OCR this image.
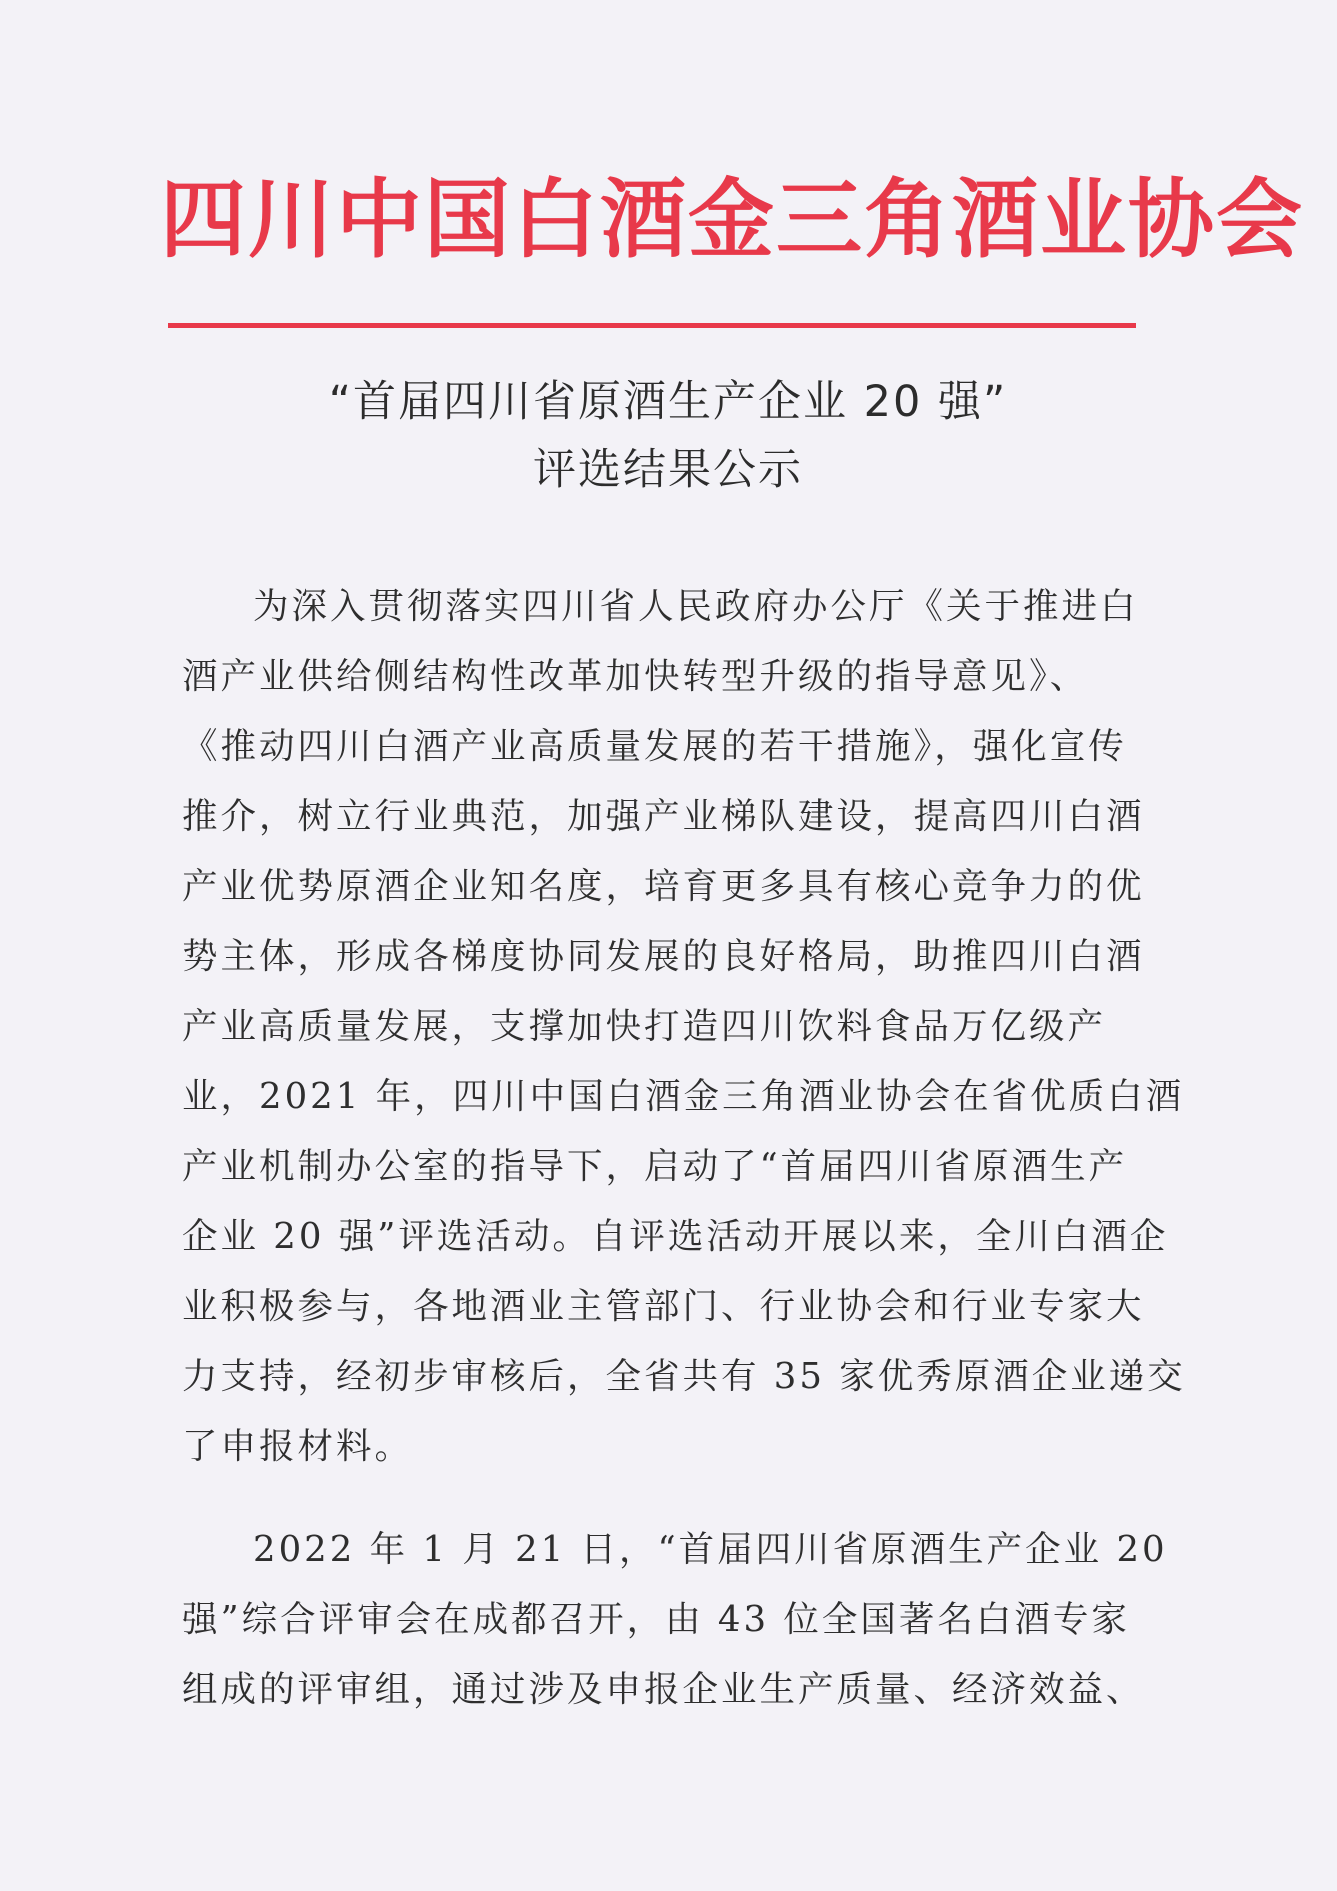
四川中国白酒金三角酒业协会
“首届四川省原酒生产企业 20 强”
评选结果公示
为深入贯彻落实四川省人民政府办公厅《关于推进白
酒产业供给侧结构性改革加快转型升级的指导意见》、
《推动四川白酒产业高质量发展的若干措施》，强化宣传
推介，树立行业典范，加强产业梯队建设，提高四川白酒
产业优势原酒企业知名度，培育更多具有核心竞争力的优
势主体，形成各梯度协同发展的良好格局，助推四川白酒
产业高质量发展，支撑加快打造四川饮料食品万亿级产
业，2021 年，四川中国白酒金三角酒业协会在省优质白酒
产业机制办公室的指导下，启动了“首届四川省原酒生产
企业 20 强”评选活动。自评选活动开展以来，全川白酒企
业积极参与，各地酒业主管部门、行业协会和行业专家大
力支持，经初步审核后，全省共有 35 家优秀原酒企业递交
了申报材料。
2022 年 1 月 21 日，“首届四川省原酒生产企业 20
强”综合评审会在成都召开，由 43 位全国著名白酒专家
组成的评审组，通过涉及申报企业生产质量、经济效益、
